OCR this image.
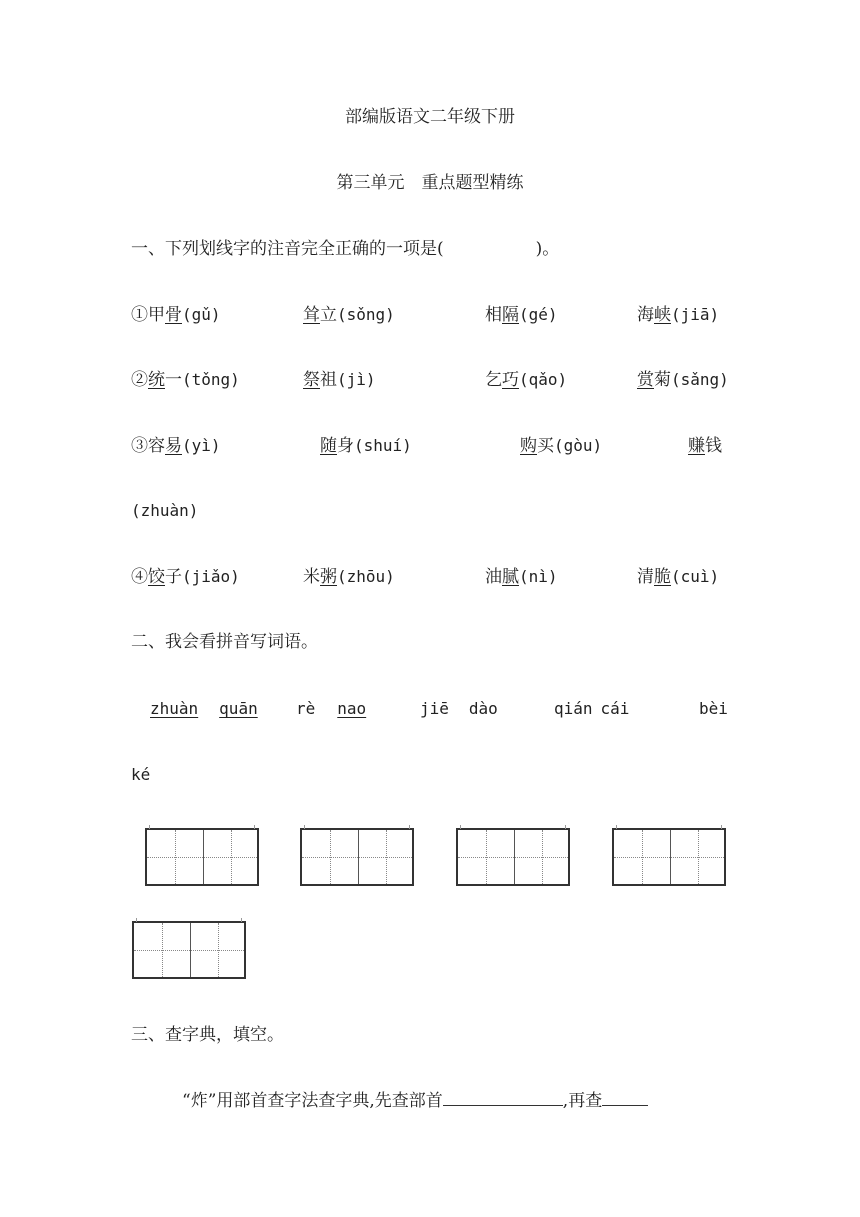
部编版语文二年级下册
第三单元　重点题型精练
一、下列划线字的注音完全正确的一项是(	)。
①甲骨(gǔ)	耸立(sǒng)	相隔(gé)	海峡(jiā)
②统一(tǒng)	祭祖(jì)	乞巧(qǎo)	赏菊(sǎng)
③容易(yì)	随身(shuí)	购买(gòu)	赚钱
(zhuàn)
④饺子(jiǎo)	米粥(zhōu)	油腻(nì)	清脆(cuì)
二、我会看拼音写词语。
zhuàn quān rè nao	jiē dào	qián cái	bèi
ké
三、查字典，填空。
“炸”用部首查字法查字典,先查部首	,再查
